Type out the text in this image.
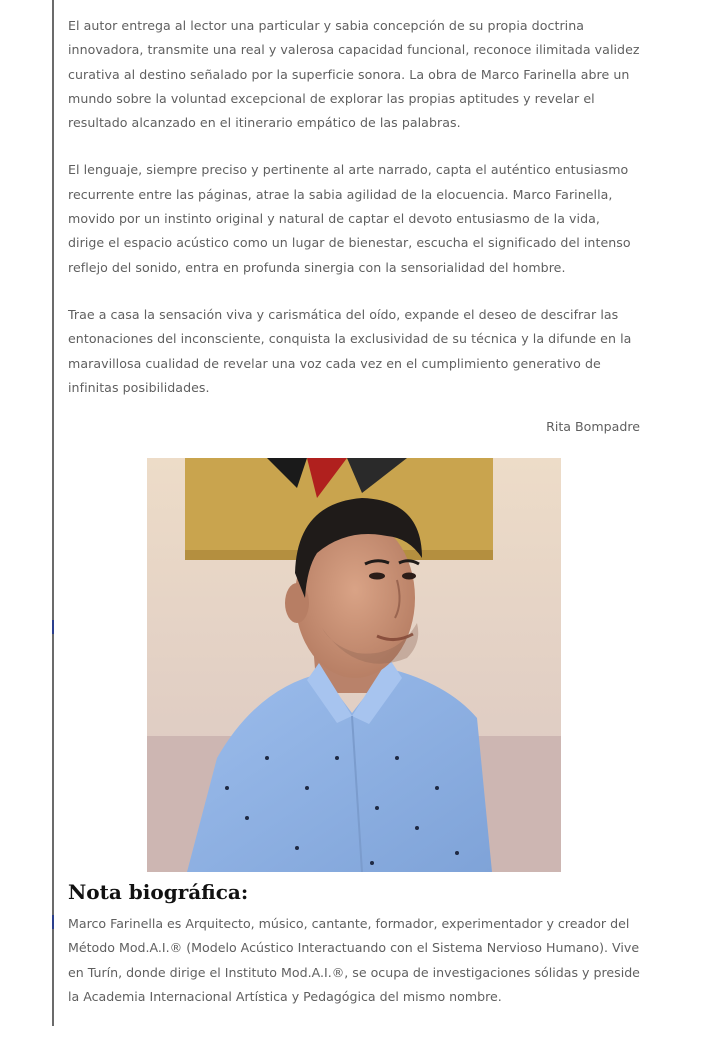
El autor entrega al lector una particular y sabia concepción de su propia doctrina innovadora, transmite una real y valerosa capacidad funcional, reconoce ilimitada validez curativa al destino señalado por la superficie sonora. La obra de Marco Farinella abre un mundo sobre la voluntad excepcional de explorar las propias aptitudes y revelar el resultado alcanzado en el itinerario empático de las palabras.

El lenguaje, siempre preciso y pertinente al arte narrado, capta el auténtico entusiasmo recurrente entre las páginas, atrae la sabia agilidad de la elocuencia. Marco Farinella, movido por un instinto original y natural de captar el devoto entusiasmo de la vida, dirige el espacio acústico como un lugar de bienestar, escucha el significado del intenso reflejo del sonido, entra en profunda sinergia con la sensorialidad del hombre.

Trae a casa la sensación viva y carismática del oído, expande el deseo de descifrar las entonaciones del inconsciente, conquista la exclusividad de su técnica y la difunde en la maravillosa cualidad de revelar una voz cada vez en el cumplimiento generativo de infinitas posibilidades.

Rita Bompadre

Nota biográfica:

Marco Farinella es Arquitecto, músico, cantante, formador, experimentador y creador del Método Mod.A.I.® (Modelo Acústico Interactuando con el Sistema Nervioso Humano). Vive en Turín, donde dirige el Instituto Mod.A.I.®, se ocupa de investigaciones sólidas y preside la Academia Internacional Artística y Pedagógica del mismo nombre.
